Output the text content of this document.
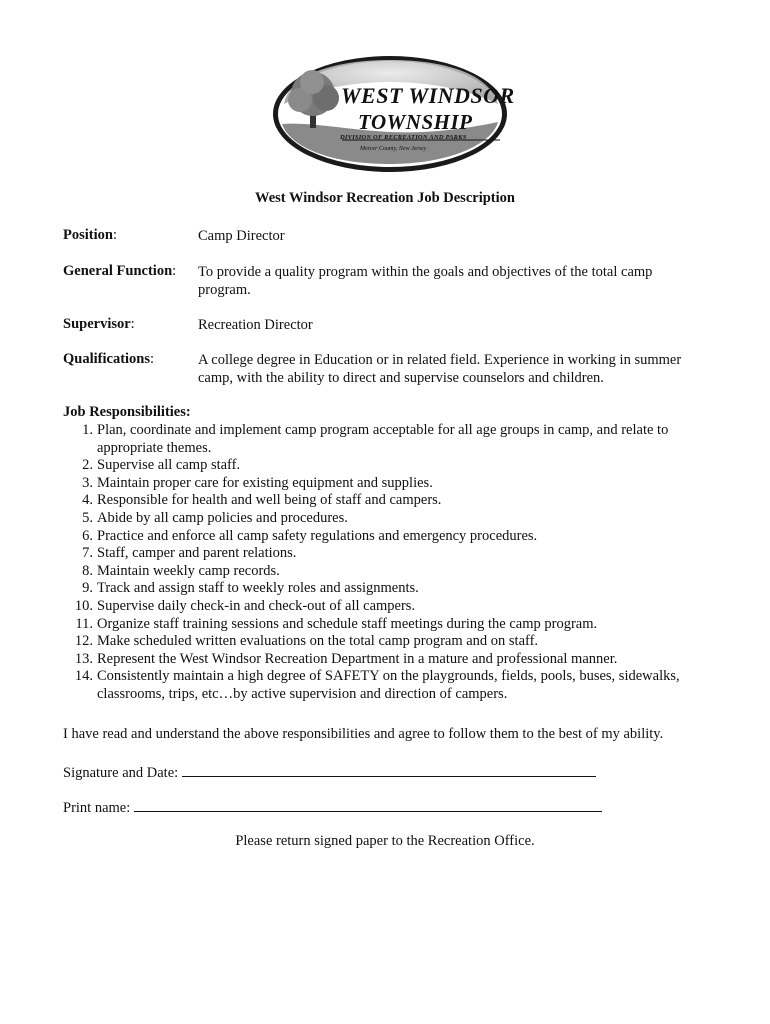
WEST WINDSOR
TOWNSHIP
DIVISION OF RECREATION AND PARKS
Mercer County, New Jersey
West Windsor Recreation Job Description
Position:	Camp Director
General Function: To provide a quality program within the goals and objectives of the total camp program.
Supervisor:	Recreation Director
Qualifications:	A college degree in Education or in related field. Experience in working in summer camp, with the ability to direct and supervise counselors and children.
Job Responsibilities:
1. Plan, coordinate and implement camp program acceptable for all age groups in camp, and relate to appropriate themes.
2. Supervise all camp staff.
3. Maintain proper care for existing equipment and supplies.
4. Responsible for health and well being of staff and campers.
5. Abide by all camp policies and procedures.
6. Practice and enforce all camp safety regulations and emergency procedures.
7. Staff, camper and parent relations.
8. Maintain weekly camp records.
9. Track and assign staff to weekly roles and assignments.
10. Supervise daily check-in and check-out of all campers.
11. Organize staff training sessions and schedule staff meetings during the camp program.
12. Make scheduled written evaluations on the total camp program and on staff.
13. Represent the West Windsor Recreation Department in a mature and professional manner.
14. Consistently maintain a high degree of SAFETY on the playgrounds, fields, pools, buses, sidewalks, classrooms, trips, etc…by active supervision and direction of campers.
I have read and understand the above responsibilities and agree to follow them to the best of my ability.
Signature and Date:
Print name:
Please return signed paper to the Recreation Office.
